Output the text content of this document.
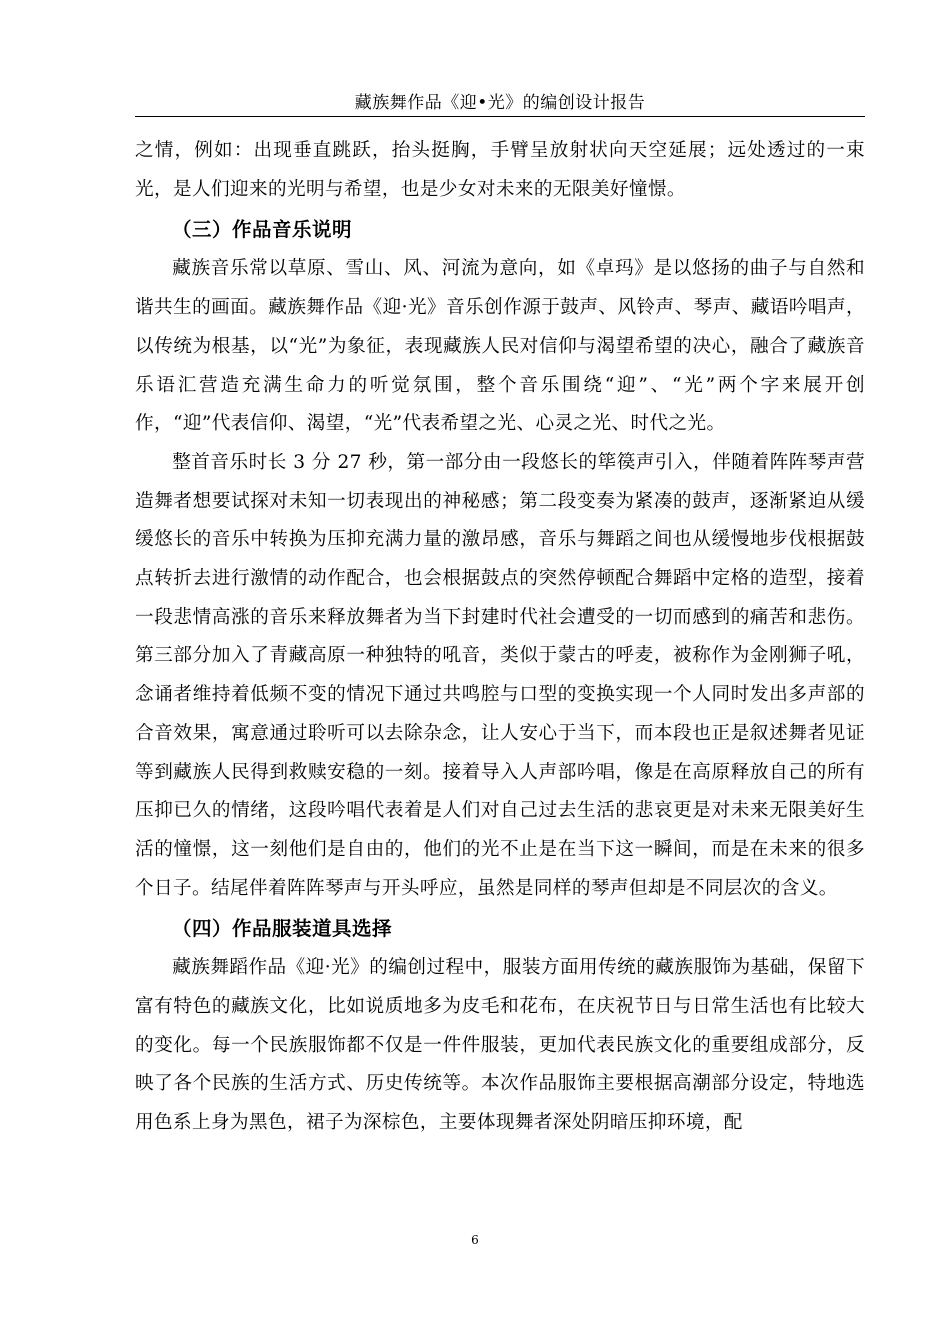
藏族舞作品《迎•光》的编创设计报告

之情，例如：出现垂直跳跃，抬头挺胸，手臂呈放射状向天空延展；远处透过的一束光，是人们迎来的光明与希望，也是少女对未来的无限美好憧憬。

（三）作品音乐说明

藏族音乐常以草原、雪山、风、河流为意向，如《卓玛》是以悠扬的曲子与自然和谐共生的画面。藏族舞作品《迎·光》音乐创作源于鼓声、风铃声、琴声、藏语吟唱声，以传统为根基，以“光”为象征，表现藏族人民对信仰与渴望希望的决心，融合了藏族音乐语汇营造充满生命力的听觉氛围，整个音乐围绕“迎”、“光”两个字来展开创作，“迎”代表信仰、渴望，“光”代表希望之光、心灵之光、时代之光。

整首音乐时长 3 分 27 秒，第一部分由一段悠长的筚篌声引入，伴随着阵阵琴声营造舞者想要试探对未知一切表现出的神秘感；第二段变奏为紧凑的鼓声，逐渐紧迫从缓缓悠长的音乐中转换为压抑充满力量的激昂感，音乐与舞蹈之间也从缓慢地步伐根据鼓点转折去进行激情的动作配合，也会根据鼓点的突然停顿配合舞蹈中定格的造型，接着一段悲情高涨的音乐来释放舞者为当下封建时代社会遭受的一切而感到的痛苦和悲伤。第三部分加入了青藏高原一种独特的吼音，类似于蒙古的呼麦，被称作为金刚狮子吼，念诵者维持着低频不变的情况下通过共鸣腔与口型的变换实现一个人同时发出多声部的合音效果，寓意通过聆听可以去除杂念，让人安心于当下，而本段也正是叙述舞者见证等到藏族人民得到救赎安稳的一刻。接着导入人声部吟唱，像是在高原释放自己的所有压抑已久的情绪，这段吟唱代表着是人们对自己过去生活的悲哀更是对未来无限美好生活的憧憬，这一刻他们是自由的，他们的光不止是在当下这一瞬间，而是在未来的很多个日子。结尾伴着阵阵琴声与开头呼应，虽然是同样的琴声但却是不同层次的含义。

（四）作品服装道具选择

藏族舞蹈作品《迎·光》的编创过程中，服装方面用传统的藏族服饰为基础，保留下富有特色的藏族文化，比如说质地多为皮毛和花布，在庆祝节日与日常生活也有比较大的变化。每一个民族服饰都不仅是一件件服装，更加代表民族文化的重要组成部分，反映了各个民族的生活方式、历史传统等。本次作品服饰主要根据高潮部分设定，特地选用色系上身为黑色，裙子为深棕色，主要体现舞者深处阴暗压抑环境，配

6
